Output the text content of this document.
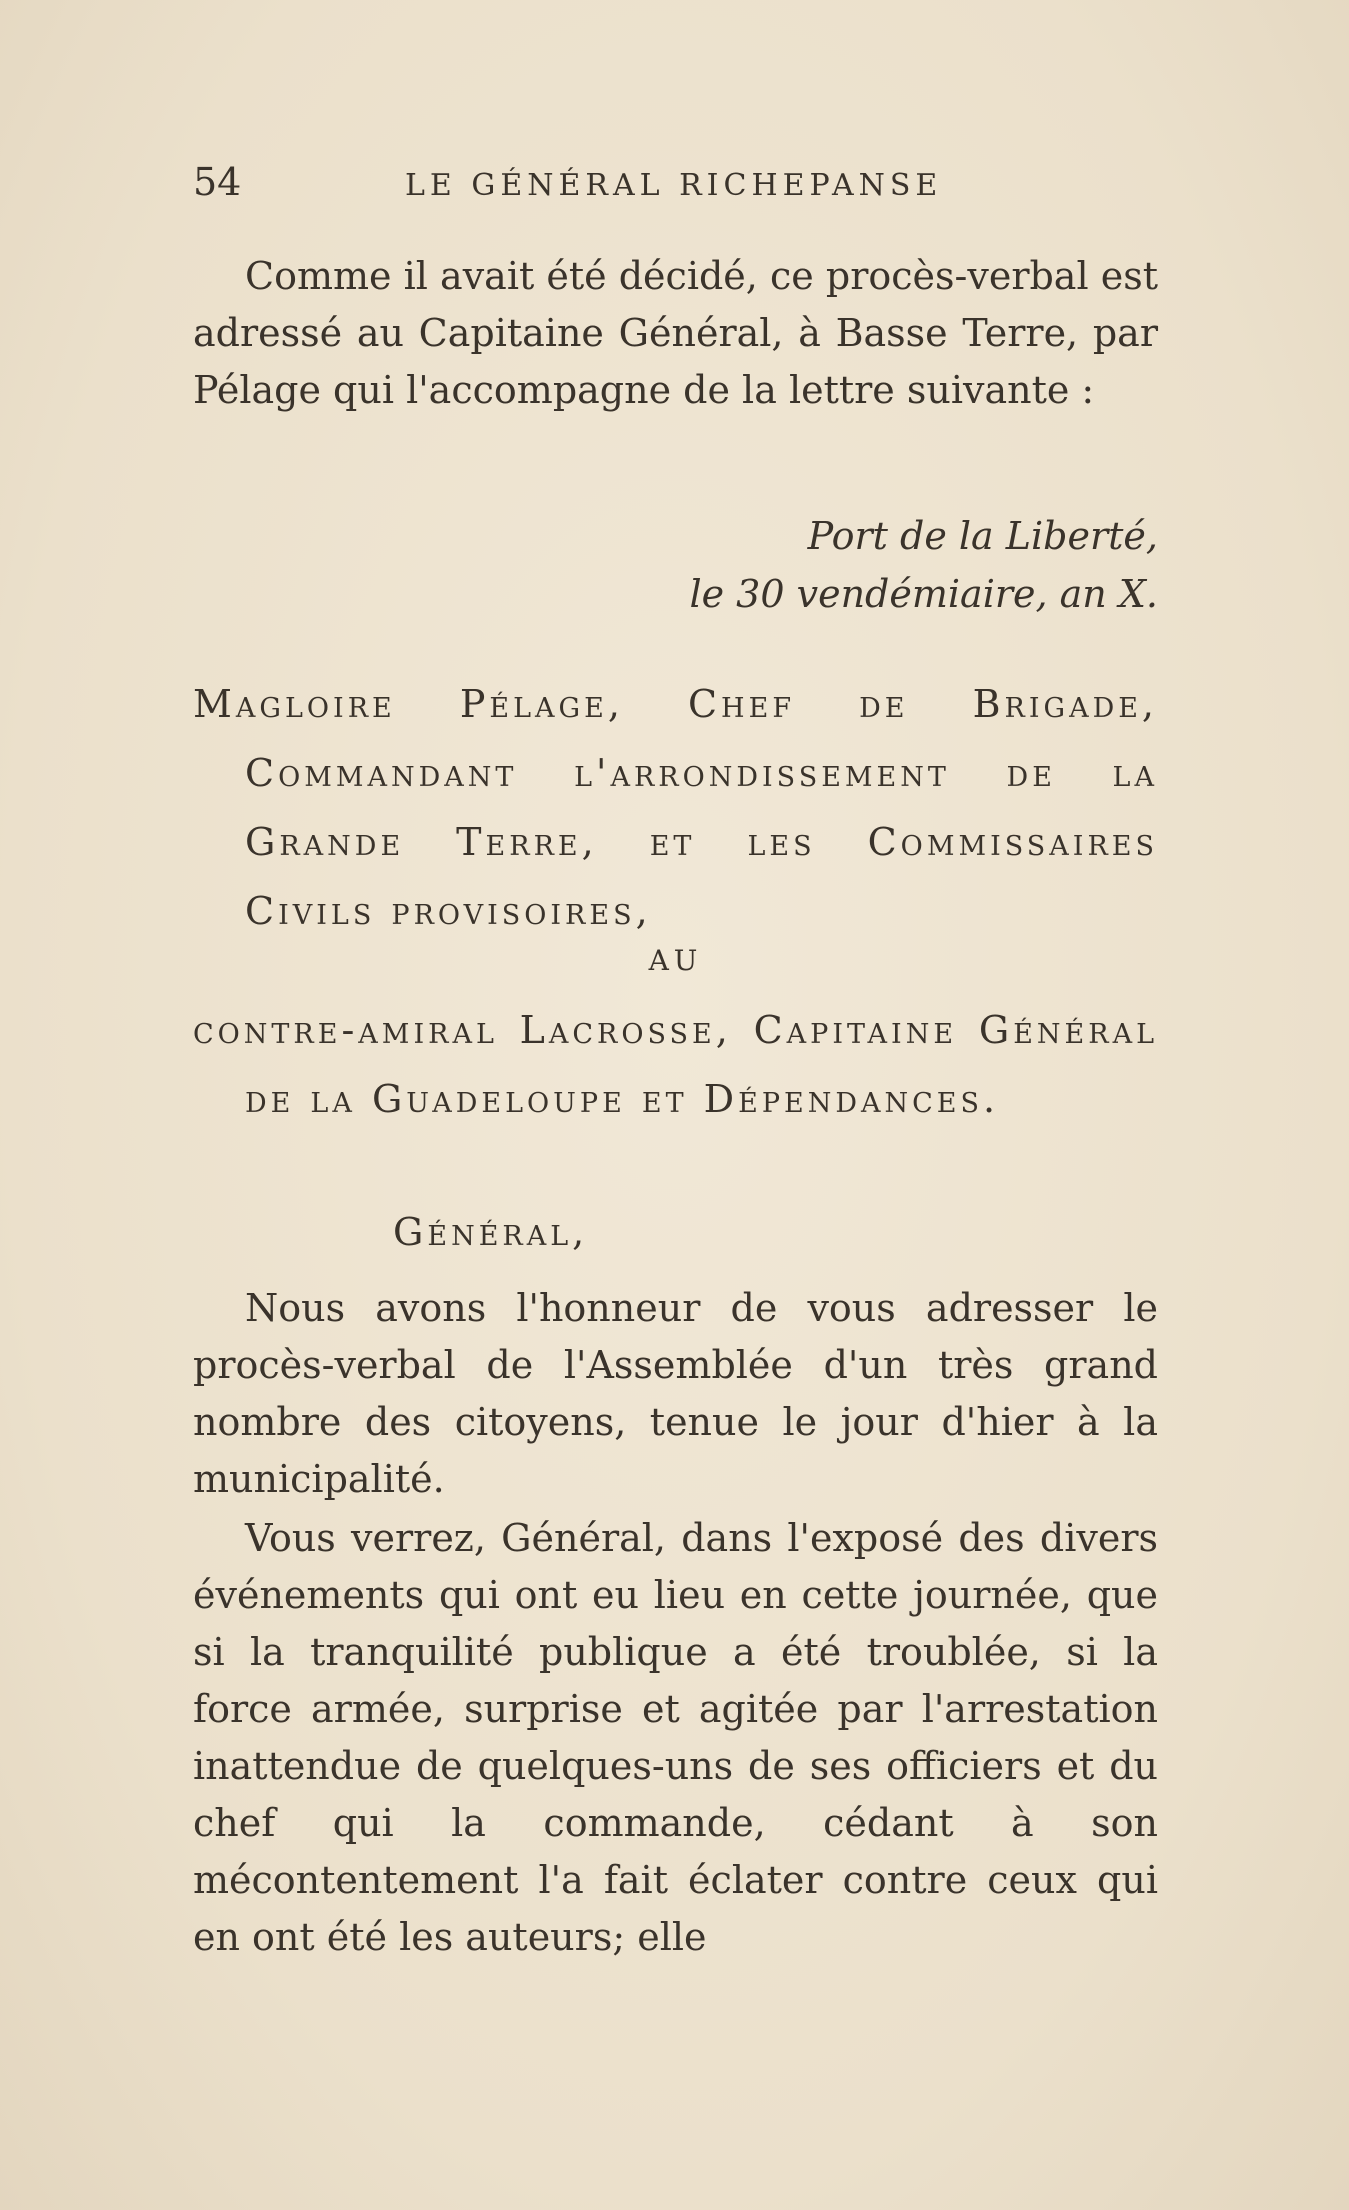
54	LE GÉNÉRAL RICHEPANSE

Comme il avait été décidé, ce procès-verbal est adressé au Capitaine Général, à Basse Terre, par Pélage qui l'accompagne de la lettre suivante :

Port de la Liberté,

le 30 vendémiaire, an X.

Magloire Pélage, Chef de Brigade, Commandant l'arrondissement de la Grande Terre, et les Commissaires Civils provisoires,

AU

contre-amiral Lacrosse, Capitaine Général de la Guadeloupe et Dépendances.

Général,

Nous avons l'honneur de vous adresser le procès-verbal de l'Assemblée d'un très grand nombre des citoyens, tenue le jour d'hier à la municipalité.

Vous verrez, Général, dans l'exposé des divers événements qui ont eu lieu en cette journée, que si la tranquilité publique a été troublée, si la force armée, surprise et agitée par l'arrestation inattendue de quelques-uns de ses officiers et du chef qui la commande, cédant à son mécontentement l'a fait éclater contre ceux qui en ont été les auteurs; elle
